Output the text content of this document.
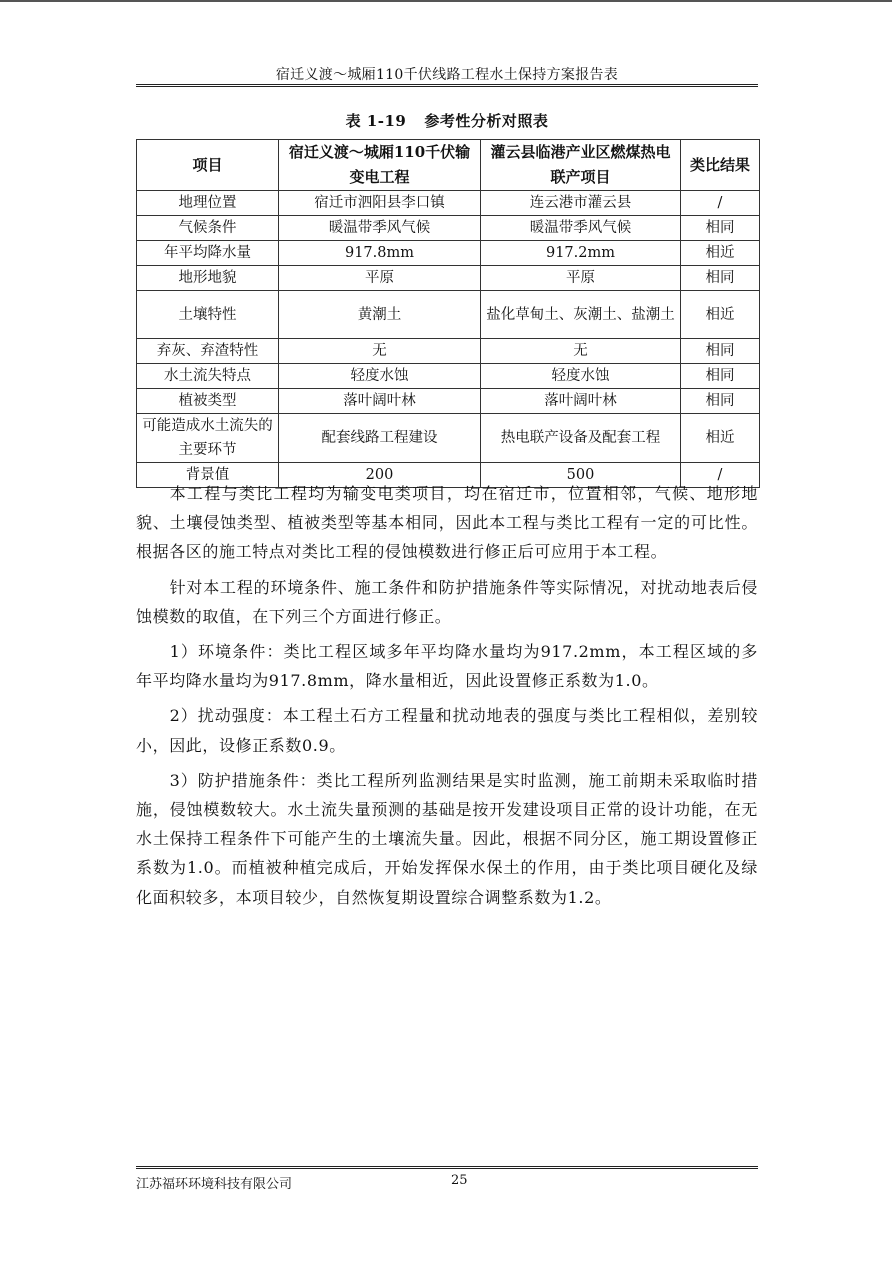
宿迁义渡～城厢110千伏线路工程水土保持方案报告表
表 1-19 参考性分析对照表
项目	宿迁义渡～城厢110千伏输变电工程	灌云县临港产业区燃煤热电联产项目	类比结果
地理位置	宿迁市泗阳县李口镇	连云港市灌云县	/
气候条件	暖温带季风气候	暖温带季风气候	相同
年平均降水量	917.8mm	917.2mm	相近
地形地貌	平原	平原	相同
土壤特性	黄潮土	盐化草甸土、灰潮土、盐潮土	相近
弃灰、弃渣特性	无	无	相同
水土流失特点	轻度水蚀	轻度水蚀	相同
植被类型	落叶阔叶林	落叶阔叶林	相同
可能造成水土流失的主要环节	配套线路工程建设	热电联产设备及配套工程	相近
背景值	200	500	/

本工程与类比工程均为输变电类项目，均在宿迁市，位置相邻，气候、地形地貌、土壤侵蚀类型、植被类型等基本相同，因此本工程与类比工程有一定的可比性。根据各区的施工特点对类比工程的侵蚀模数进行修正后可应用于本工程。

针对本工程的环境条件、施工条件和防护措施条件等实际情况，对扰动地表后侵蚀模数的取值，在下列三个方面进行修正。

1）环境条件：类比工程区域多年平均降水量均为917.2mm，本工程区域的多年平均降水量均为917.8mm，降水量相近，因此设置修正系数为1.0。

2）扰动强度：本工程土石方工程量和扰动地表的强度与类比工程相似，差别较小，因此，设修正系数0.9。

3）防护措施条件：类比工程所列监测结果是实时监测，施工前期未采取临时措施，侵蚀模数较大。水土流失量预测的基础是按开发建设项目正常的设计功能，在无水土保持工程条件下可能产生的土壤流失量。因此，根据不同分区，施工期设置修正系数为1.0。而植被种植完成后，开始发挥保水保土的作用，由于类比项目硬化及绿化面积较多，本项目较少，自然恢复期设置综合调整系数为1.2。

江苏福环环境科技有限公司	25
